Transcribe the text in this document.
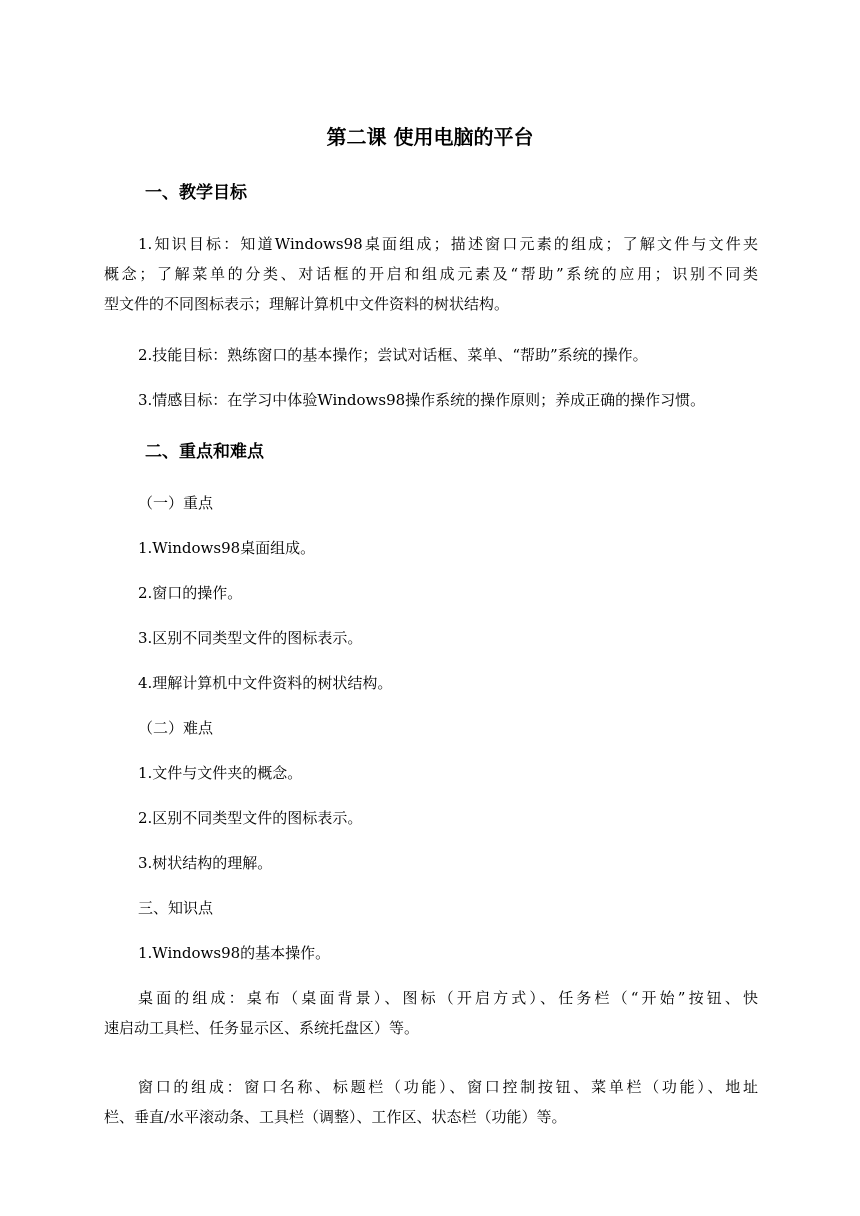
第二课 使用电脑的平台
一、教学目标
1.知识目标：知道Windows98桌面组成；描述窗口元素的组成；了解文件与文件夹
概念；了解菜单的分类、对话框的开启和组成元素及“帮助”系统的应用；识别不同类
型文件的不同图标表示；理解计算机中文件资料的树状结构。
2.技能目标：熟练窗口的基本操作；尝试对话框、菜单、“帮助”系统的操作。
3.情感目标：在学习中体验Windows98操作系统的操作原则；养成正确的操作习惯。
二、重点和难点
（一）重点
1.Windows98桌面组成。
2.窗口的操作。
3.区别不同类型文件的图标表示。
4.理解计算机中文件资料的树状结构。
（二）难点
1.文件与文件夹的概念。
2.区别不同类型文件的图标表示。
3.树状结构的理解。
三、知识点
1.Windows98的基本操作。
桌面的组成：桌布（桌面背景）、图标（开启方式）、任务栏（“开始”按钮、快
速启动工具栏、任务显示区、系统托盘区）等。
窗口的组成：窗口名称、标题栏（功能）、窗口控制按钮、菜单栏（功能）、地址
栏、垂直/水平滚动条、工具栏（调整）、工作区、状态栏（功能）等。
